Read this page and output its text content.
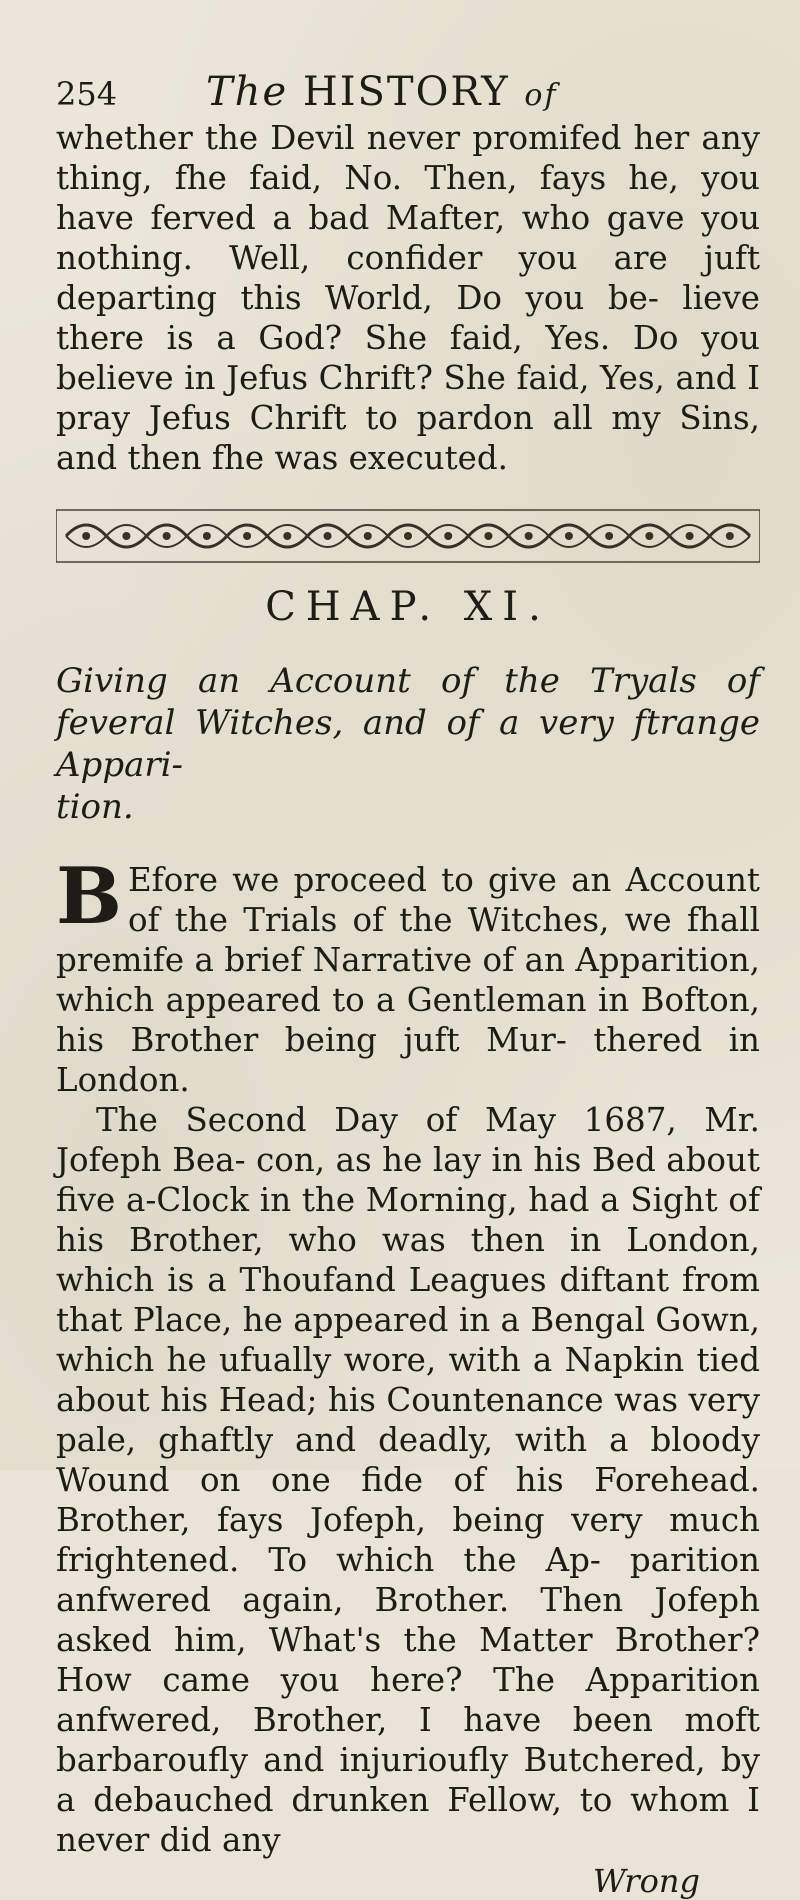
254	The HISTORY of

whether the Devil never promifed her any thing, fhe faid, No. Then, fays he, you have ferved a bad Mafter, who gave you nothing. Well, confider you are juft departing this World, Do you be- lieve there is a God? She faid, Yes. Do you believe in Jefus Chrift? She faid, Yes, and I pray Jefus Chrift to pardon all my Sins, and then fhe was executed.

CHAP. XI.

Giving an Account of the Tryals of feveral Witches, and of a very ftrange Appari-
tion.

B Efore we proceed to give an Account of the Trials of the Witches, we fhall premife a brief Narrative of an Apparition, which appeared to a Gentleman in Bofton, his Brother being juft Mur- thered in London.

The Second Day of May 1687, Mr. Jofeph Bea- con, as he lay in his Bed about five a-Clock in the Morning, had a Sight of his Brother, who was then in London, which is a Thoufand Leagues diftant from that Place, he appeared in a Bengal Gown, which he ufually wore, with a Napkin tied about his Head; his Countenance was very pale, ghaftly and deadly, with a bloody Wound on one fide of his Forehead. Brother, fays Jofeph, being very much frightened. To which the Ap- parition anfwered again, Brother. Then Jofeph asked him, What's the Matter Brother? How came you here? The Apparition anfwered, Brother, I have been moft barbaroufly and injurioufly Butchered, by a debauched drunken Fellow, to whom I never did any

Wrong
